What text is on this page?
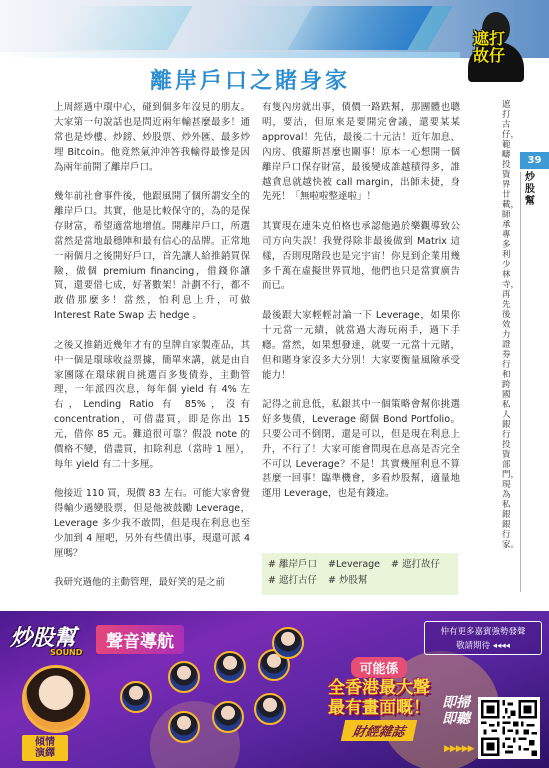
遮打
故仔
離岸戶口之賭身家

上周經過中環中心，碰到個多年沒見的朋友。大家第一句說話也是問近兩年輸甚麼最多！通常也是炒樓、炒鎊、炒股票、炒外匯、最多炒埋 Bitcoin。他竟然氣沖沖答我輸得最慘是因為兩年前開了離岸戶口。

幾年前社會事件後，他跟風開了個所謂安全的離岸戶口。其實，他是比較保守的，為的是保存財富，希望適當地增值。開離岸戶口，所選當然是當地最穩陣和最有信心的品牌。正常地一兩個月之後開好戶口，首先讓人給推銷買保險，做個 premium financing，借錢你讓買，還要借七成，好著數架！計劃不行，都不敢借那麼多！當然，怕利息上升，可做 Interest Rate Swap 去 hedge 。

之後又推銷近幾年才有的皇牌自家製產品，其中一個是環球收益票據，簡單來講，就是由自家團隊在環球親自挑選百多隻債券，主動管理，一年派四次息，每年個 yield 有 4% 左右，Lending Ratio 有 85%，沒有 concentration，可借盡買，即是你出 15 元，借你 85 元。難道很可靠？假設 note 的價格不變，借盡買，扣除利息（當時 1 厘），每年 yield 有二十多厘。

他接近 110 買，現價 83 左右。可能大家會覺得輸少過變股票，但是他被鼓勵 Leverage，Leverage 多少我不敢問，但是現在利息也至少加到 4 厘吧，另外有些債出事，現還可派 4 厘嗎？

我研究過他的主動管理，最好笑的是之前

有隻內房就出事，債價一路跌幫，那團體也聰明，要沽，但原來是要開完會議，還要某某 approval！先估，最後二十元沽！近年加息、內房、俄羅斯甚麼也關事！原本一心想開一個離岸戶口保存財富，最後變成誰越積得多，誰越貪息就越快被 call margin，出師未捷，身先死！「無啦啦整達啦」！

其實現在連朱克伯格也承認他過於樂觀導致公司方向失誤！我覺得除非最後做到 Matrix 這樣，否則現階段也是完宇宙！你見到企業用幾多千萬在虛擬世界買地，他們也只是當實廣告而已。

最後跟大家輕輕討論一下 Leverage，如果你十元當一元績，就當過大海玩兩手，過下手癮。當然，如果想發達，就要一元當十元賭，但和賭身家沒多大分別！大家要衡量風險承受能力！

記得之前息低，私銀其中一個策略會幫你挑選好多隻債，Leverage 砌個 Bond Portfolio。只要公司不倒閉，還是可以，但是現在利息上升，不行了！大家可能會問現在息高是否完全不可以 Leverage？不是！其實幾厘利息不算甚麼一回事！臨準機會，多看炒股幫，適量地運用 Leverage，也是有錢途。

# 離岸戶口 #Leverage # 遮打故仔
# 遮打古仔 # 炒股幫
遮打古仔，範疇投資界廿載，師承專多利少林寺，再先後效力證券行和跨國私人銀行投資部門，現為私銀銀行家。
39
炒股幫
炒股幫
SOUND
聲音導航	仲有更多嘉賓強勢發聲
敬請期待 ◂◂◂◂
傾情
演繹
可能係
全香港最大聲
最有畫面嘅！
財經雜誌
即掃
即聽
▶▶▶▶▶
